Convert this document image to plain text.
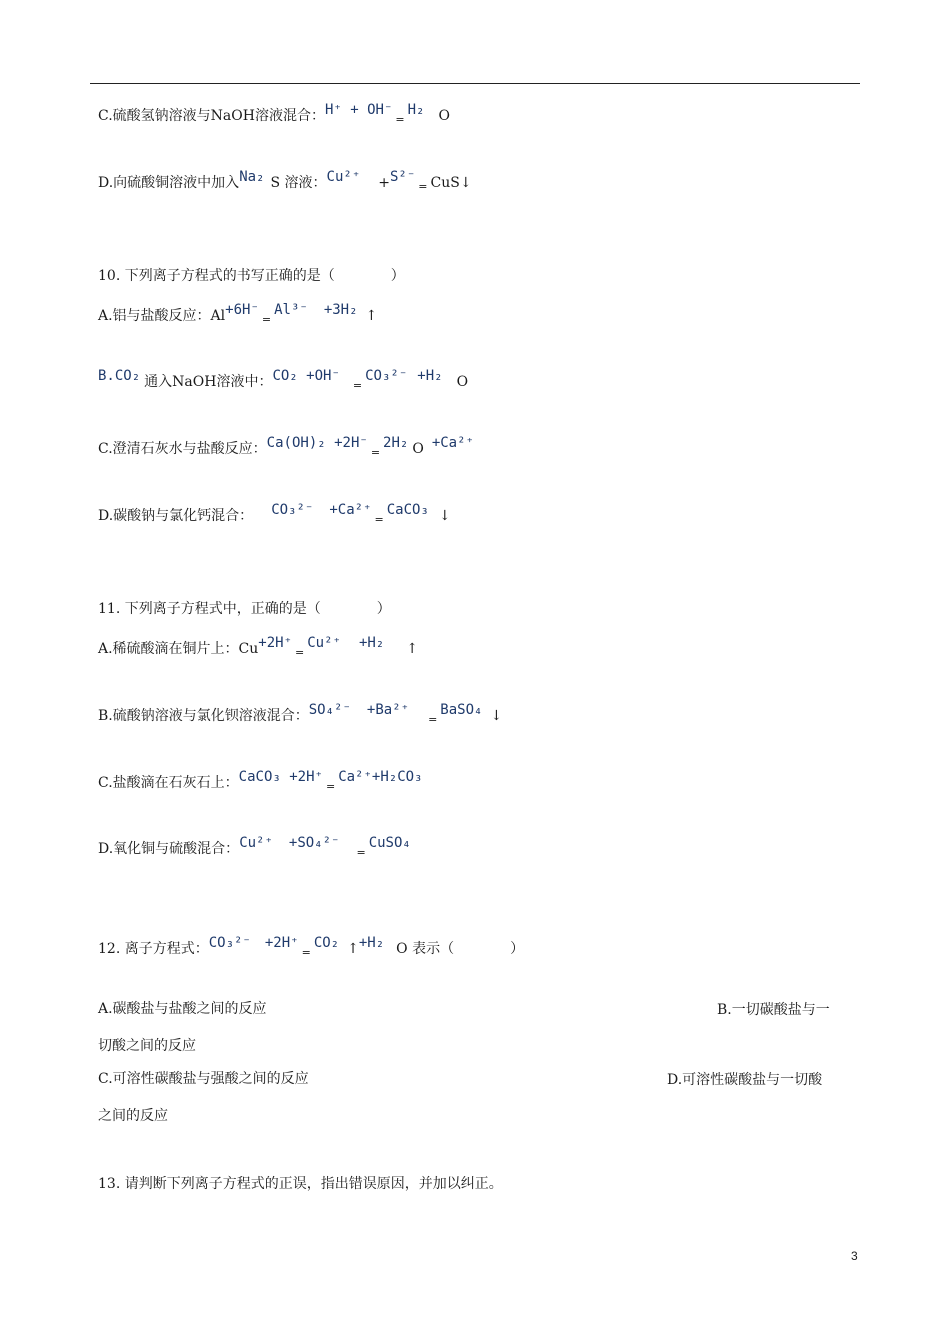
C.硫酸氢钠溶液与NaOH溶液混合：$H^+ + OH^-_=H_2$ O
D.向硫酸铜溶液中加入Na₂ S 溶液：$Cu^{2+} +S^{2-}_=$ CuS↓
10. 下列离子方程式的书写正确的是（　　　　）
A.铝与盐酸反应：$Al+6H^-_=Al^{3-} +3H_2$ ↑
B.CO₂ 通入NaOH溶液中：$CO_2 +OH^-_=CO_3^{2-} +H_2$ O
C.澄清石灰水与盐酸反应：$Ca(OH)_2 +2H^-_=2H_2$ O +Ca²⁺
D.碳酸钠与氯化钙混合： $CO_3^{2-} +Ca^{2+}_=CaCO_3$ ↓
11. 下列离子方程式中，正确的是（　　　　）
A.稀硫酸滴在铜片上：$Cu+2H^+_=Cu^{2+} +H_2$ ↑
B.硫酸钠溶液与氯化钡溶液混合：$SO_4^{2-} +Ba^{2+}_=BaSO_4$ ↓
C.盐酸滴在石灰石上：CaCO₃ $+2H^+_=Ca^{2+}+H_2CO_3$
D.氧化铜与硫酸混合：$Cu^{2+} +SO_4^{2-}_=CuSO_4$
12. 离子方程式：$CO_3^{2-} +2H^+_=CO_2$ ↑+H₂ O 表示（　　　　）
A.碳酸盐与盐酸之间的反应	B.一切碳酸盐与一
切酸之间的反应
C.可溶性碳酸盐与强酸之间的反应	D.可溶性碳酸盐与一切酸
之间的反应
13. 请判断下列离子方程式的正误，指出错误原因，并加以纠正。
3
